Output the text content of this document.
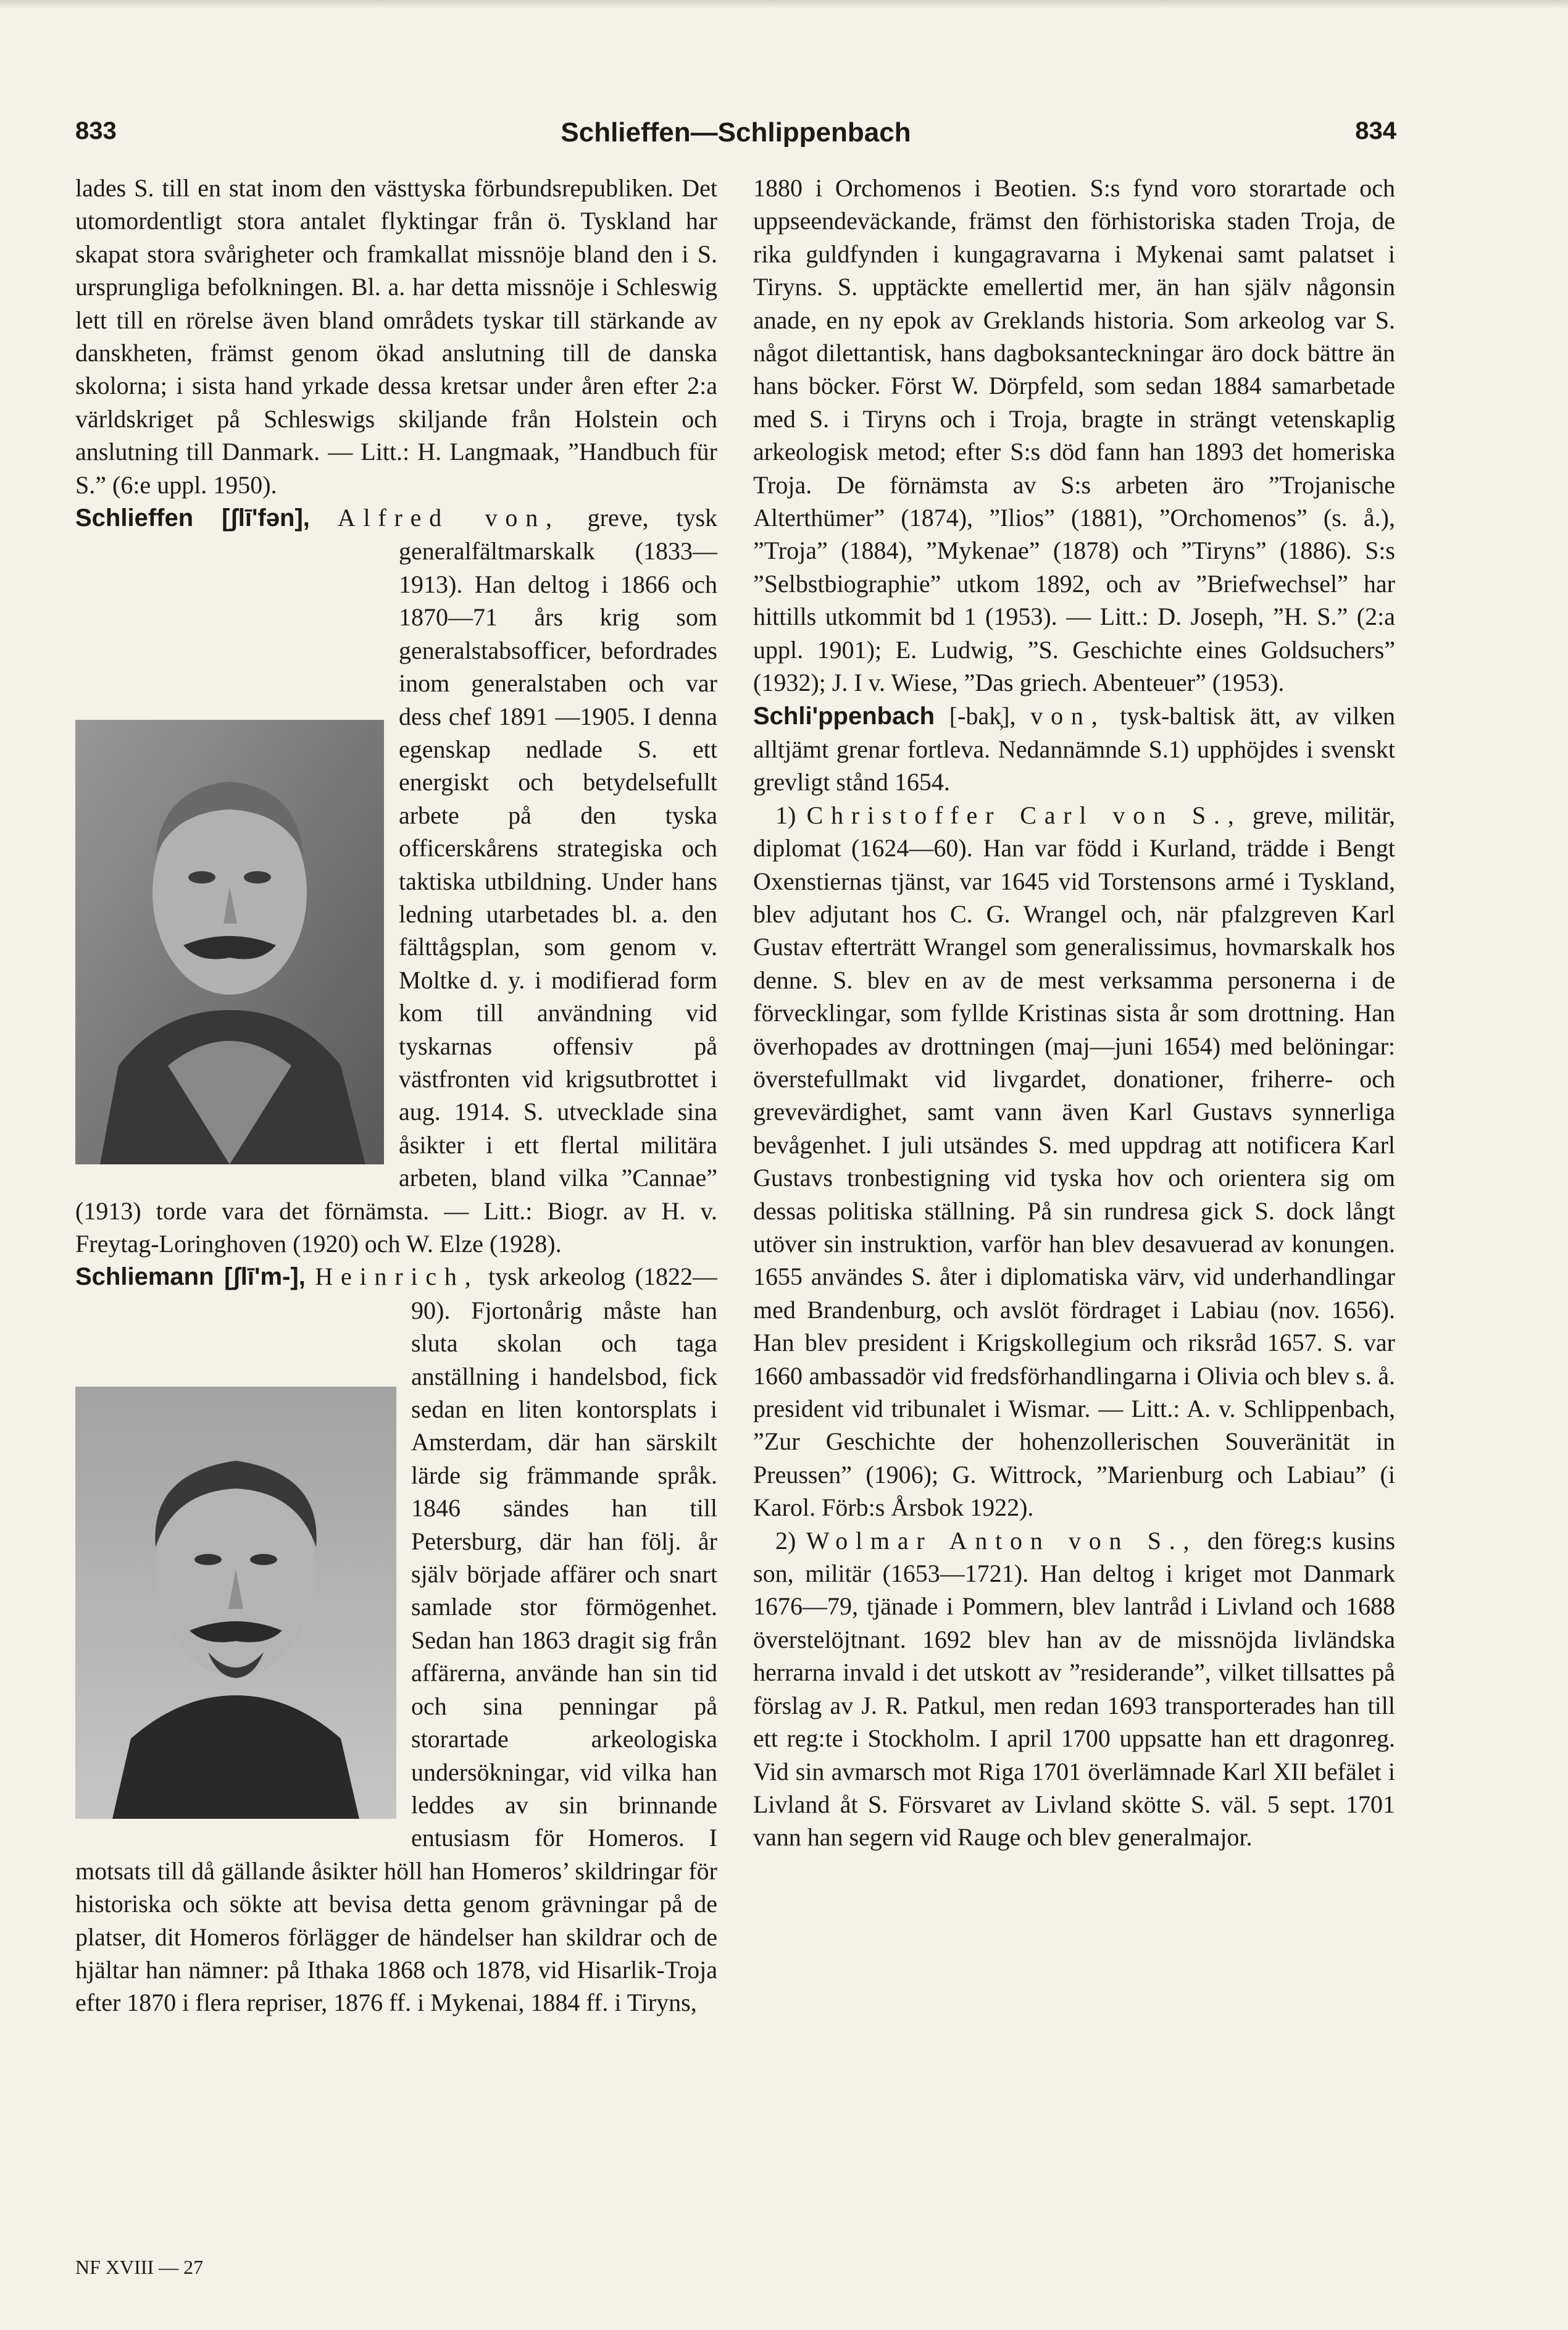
833	Schlieffen—Schlippenbach	834

lades S. till en stat inom den västtyska förbundsrepubliken. Det utomordentligt stora antalet flyktingar från ö. Tyskland har skapat stora svårigheter och framkallat missnöje bland den i S. ursprungliga befolkningen. Bl. a. har detta missnöje i Schleswig lett till en rörelse även bland områdets tyskar till stärkande av danskheten, främst genom ökad anslutning till de danska skolorna; i sista hand yrkade dessa kretsar under åren efter 2:a världskriget på Schleswigs skiljande från Holstein och anslutning till Danmark. — Litt.: H. Langmaak, ”Handbuch für S.” (6:e uppl. 1950).

Schlieffen [ʃlīʹfən], Alfred von, greve, tysk generalfältmarskalk (1833—1913). Han deltog i 1866 och 1870—71 års krig som generalstabsofficer, befordrades inom generalstaben och var dess chef 1891 —1905. I denna egenskap nedlade S. ett energiskt och betydelsefullt arbete på den tyska officerskårens strategiska och taktiska utbildning. Under hans ledning utarbetades bl. a. den fälttågsplan, som genom v. Moltke d. y. i modifierad form kom till användning vid tyskarnas offensiv på västfronten vid krigsutbrottet i aug. 1914. S. utvecklade sina åsikter i ett flertal militära arbeten, bland vilka ”Cannae” (1913) torde vara det förnämsta. — Litt.: Biogr. av H. v. Freytag-Loringhoven (1920) och W. Elze (1928).

Schliemann [ʃlīʹm-], Heinrich, tysk arkeolog (1822—90). Fjortonårig måste han sluta skolan och taga anställning i handelsbod, fick sedan en liten kontorsplats i Amsterdam, där han särskilt lärde sig främmande språk. 1846 sändes han till Petersburg, där han följ. år själv började affärer och snart samlade stor förmögenhet. Sedan han 1863 dragit sig från affärerna, använde han sin tid och sina penningar på storartade arkeologiska undersökningar, vid vilka han leddes av sin brinnande entusiasm för Homeros. I motsats till då gällande åsikter höll han Homeros’ skildringar för historiska och sökte att bevisa detta genom grävningar på de platser, dit Homeros förlägger de händelser han skildrar och de hjältar han nämner: på Ithaka 1868 och 1878, vid Hisarlik-Troja efter 1870 i flera repriser, 1876 ff. i Mykenai, 1884 ff. i Tiryns,

1880 i Orchomenos i Beotien. S:s fynd voro storartade och uppseendeväckande, främst den förhistoriska staden Troja, de rika guldfynden i kungagravarna i Mykenai samt palatset i Tiryns. S. upptäckte emellertid mer, än han själv någonsin anade, en ny epok av Greklands historia. Som arkeolog var S. något dilettantisk, hans dagboksanteckningar äro dock bättre än hans böcker. Först W. Dörpfeld, som sedan 1884 samarbetade med S. i Tiryns och i Troja, bragte in strängt vetenskaplig arkeologisk metod; efter S:s död fann han 1893 det homeriska Troja. De förnämsta av S:s arbeten äro ”Trojanische Alterthümer” (1874), ”Ilios” (1881), ”Orchomenos” (s. å.), ”Troja” (1884), ”Mykenae” (1878) och ”Tiryns” (1886). S:s ”Selbstbiographie” utkom 1892, och av ”Briefwechsel” har hittills utkommit bd 1 (1953). — Litt.: D. Joseph, ”H. S.” (2:a uppl. 1901); E. Ludwig, ”S. Geschichte eines Goldsuchers” (1932); J. I v. Wiese, ”Das griech. Abenteuer” (1953).

Schliʹppenbach [-bak̦], von, tysk-baltisk ätt, av vilken alltjämt grenar fortleva. Nedannämnde S.1) upphöjdes i svenskt grevligt stånd 1654.

1) Christoffer Carl von S., greve, militär, diplomat (1624—60). Han var född i Kurland, trädde i Bengt Oxenstiernas tjänst, var 1645 vid Torstensons armé i Tyskland, blev adjutant hos C. G. Wrangel och, när pfalzgreven Karl Gustav efterträtt Wrangel som generalissimus, hovmarskalk hos denne. S. blev en av de mest verksamma personerna i de förvecklingar, som fyllde Kristinas sista år som drottning. Han överhopades av drottningen (maj—juni 1654) med belöningar: överstefullmakt vid livgardet, donationer, friherre- och grevevärdighet, samt vann även Karl Gustavs synnerliga bevågenhet. I juli utsändes S. med uppdrag att notificera Karl Gustavs tronbestigning vid tyska hov och orientera sig om dessas politiska ställning. På sin rundresa gick S. dock långt utöver sin instruktion, varför han blev desavuerad av konungen. 1655 användes S. åter i diplomatiska värv, vid underhandlingar med Brandenburg, och avslöt fördraget i Labiau (nov. 1656). Han blev president i Krigskollegium och riksråd 1657. S. var 1660 ambassadör vid fredsförhandlingarna i Olivia och blev s. å. president vid tribunalet i Wismar. — Litt.: A. v. Schlippenbach, ”Zur Geschichte der hohenzollerischen Souveränität in Preussen” (1906); G. Wittrock, ”Marienburg och Labiau” (i Karol. Förb:s Årsbok 1922).

2) Wolmar Anton von S., den föreg:s kusins son, militär (1653—1721). Han deltog i kriget mot Danmark 1676—79, tjänade i Pommern, blev lantråd i Livland och 1688 överstelöjtnant. 1692 blev han av de missnöjda livländska herrarna invald i det utskott av ”residerande”, vilket tillsattes på förslag av J. R. Patkul, men redan 1693 transporterades han till ett reg:te i Stockholm. I april 1700 uppsatte han ett dragonreg. Vid sin avmarsch mot Riga 1701 överlämnade Karl XII befälet i Livland åt S. Försvaret av Livland skötte S. väl. 5 sept. 1701 vann han segern vid Rauge och blev generalmajor.

NF XVIII — 27
